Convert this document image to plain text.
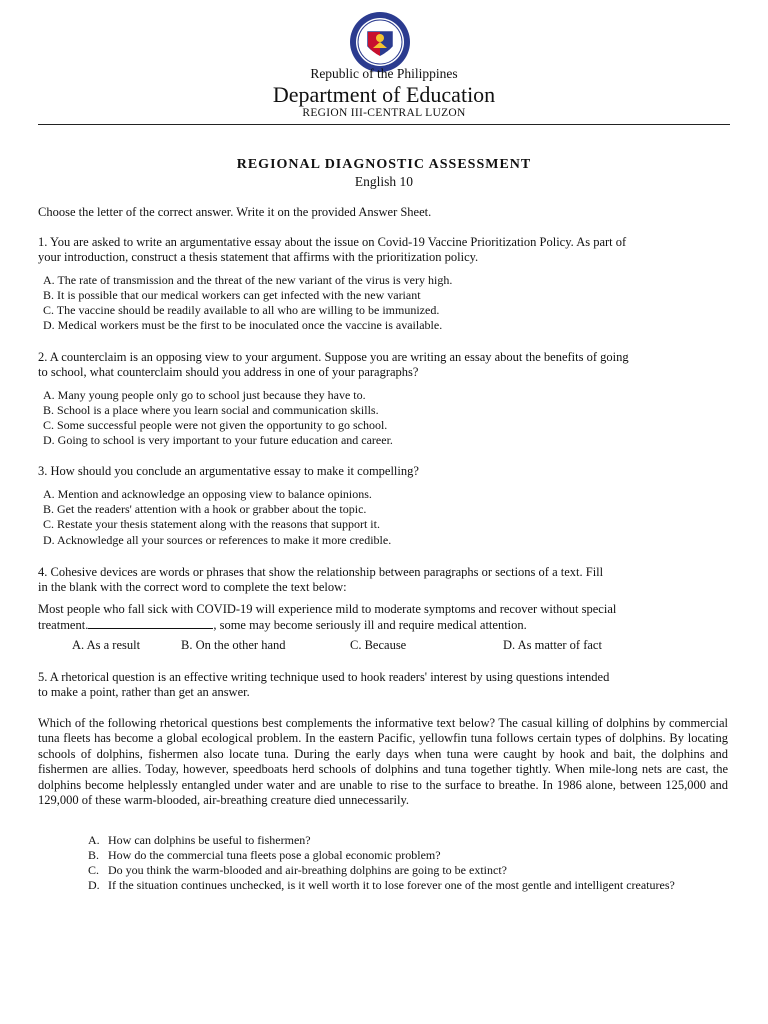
Republic of the Philippines

Department of Education

REGION III-CENTRAL LUZON

REGIONAL DIAGNOSTIC ASSESSMENT

English 10

Choose the letter of the correct answer. Write it on the provided Answer Sheet.

1. You are asked to write an argumentative essay about the issue on Covid-19 Vaccine Prioritization Policy. As part of

your introduction, construct a thesis statement that affirms with the prioritization policy.

A. The rate of transmission and the threat of the new variant of the virus is very high.

B. It is possible that our medical workers can get infected with the new variant

C. The vaccine should be readily available to all who are willing to be immunized.

D. Medical workers must be the first to be inoculated once the vaccine is available.

2. A counterclaim is an opposing view to your argument. Suppose you are writing an essay about the benefits of going

to school, what counterclaim should you address in one of your paragraphs?

A. Many young people only go to school just because they have to.

B. School is a place where you learn social and communication skills.

C. Some successful people were not given the opportunity to go school.

D. Going to school is very important to your future education and career.

3. How should you conclude an argumentative essay to make it compelling?

A. Mention and acknowledge an opposing view to balance opinions.

B. Get the readers' attention with a hook or grabber about the topic.

C. Restate your thesis statement along with the reasons that support it.

D. Acknowledge all your sources or references to make it more credible.

4. Cohesive devices are words or phrases that show the relationship between paragraphs or sections of a text. Fill

in the blank with the correct word to complete the text below:

Most people who fall sick with COVID-19 will experience mild to moderate symptoms and recover without special

treatment.	, some may become seriously ill and require medical attention.

A. As a result	B. On the other hand	C. Because	D. As matter of fact

5. A rhetorical question is an effective writing technique used to hook readers' interest by using questions intended

to make a point, rather than get an answer.

Which of the following rhetorical questions best complements the informative text below? The casual killing of dolphins by commercial tuna fleets has become a global ecological problem. In the eastern Pacific, yellowfin tuna follows certain types of dolphins. By locating schools of dolphins, fishermen also locate tuna. During the early days when tuna were caught by hook and bait, the dolphins and fishermen are allies. Today, however, speedboats herd schools of dolphins and tuna together tightly. When mile-long nets are cast, the dolphins become helplessly entangled under water and are unable to rise to the surface to breathe. In 1986 alone, between 125,000 and 129,000 of these warm-blooded, air-breathing creature died unnecessarily.

A. How can dolphins be useful to fishermen?

B. How do the commercial tuna fleets pose a global economic problem?

C. Do you think the warm-blooded and air-breathing dolphins are going to be extinct?

D. If the situation continues unchecked, is it well worth it to lose forever one of the most gentle and intelligent creatures?
